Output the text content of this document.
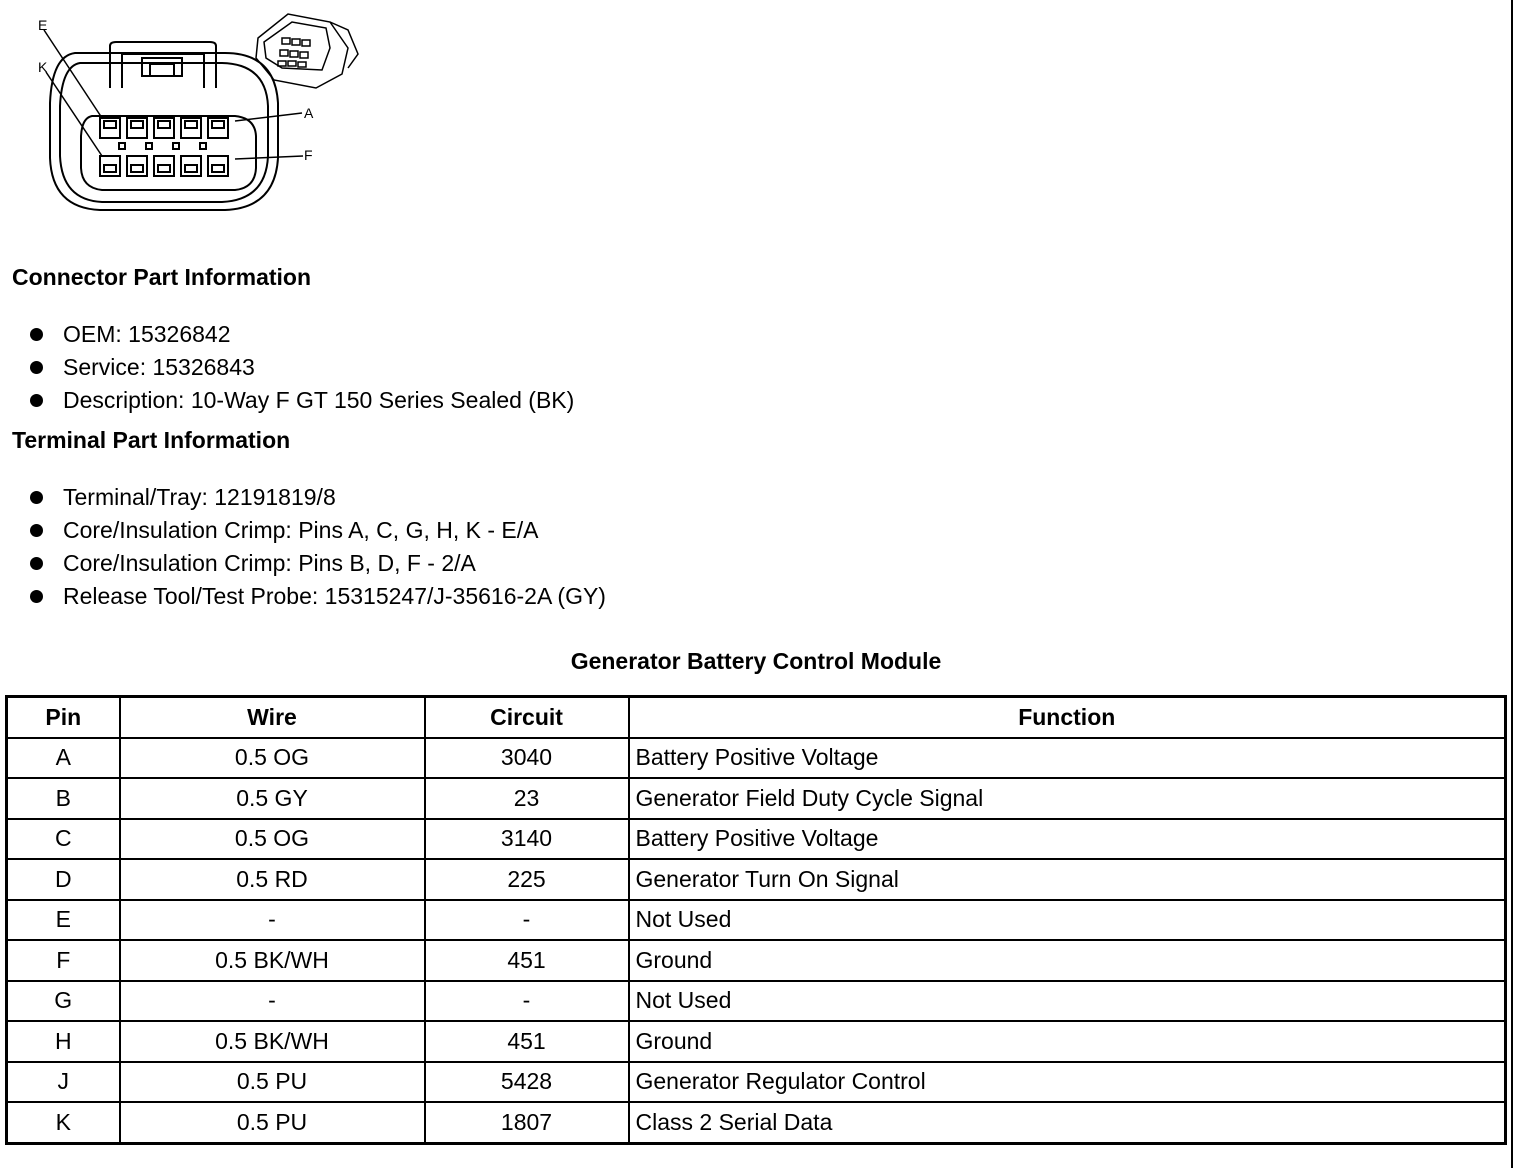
E
K
A
F
Connector Part Information
OEM: 15326842
Service: 15326843
Description: 10-Way F GT 150 Series Sealed (BK)
Terminal Part Information
Terminal/Tray: 12191819/8
Core/Insulation Crimp: Pins A, C, G, H, K - E/A
Core/Insulation Crimp: Pins B, D, F - 2/A
Release Tool/Test Probe: 15315247/J-35616-2A (GY)
Generator Battery Control Module
Pin	Wire	Circuit	Function
A	0.5 OG	3040	Battery Positive Voltage
B	0.5 GY	23	Generator Field Duty Cycle Signal
C	0.5 OG	3140	Battery Positive Voltage
D	0.5 RD	225	Generator Turn On Signal
E	-	-	Not Used
F	0.5 BK/WH	451	Ground
G	-	-	Not Used
H	0.5 BK/WH	451	Ground
J	0.5 PU	5428	Generator Regulator Control
K	0.5 PU	1807	Class 2 Serial Data
